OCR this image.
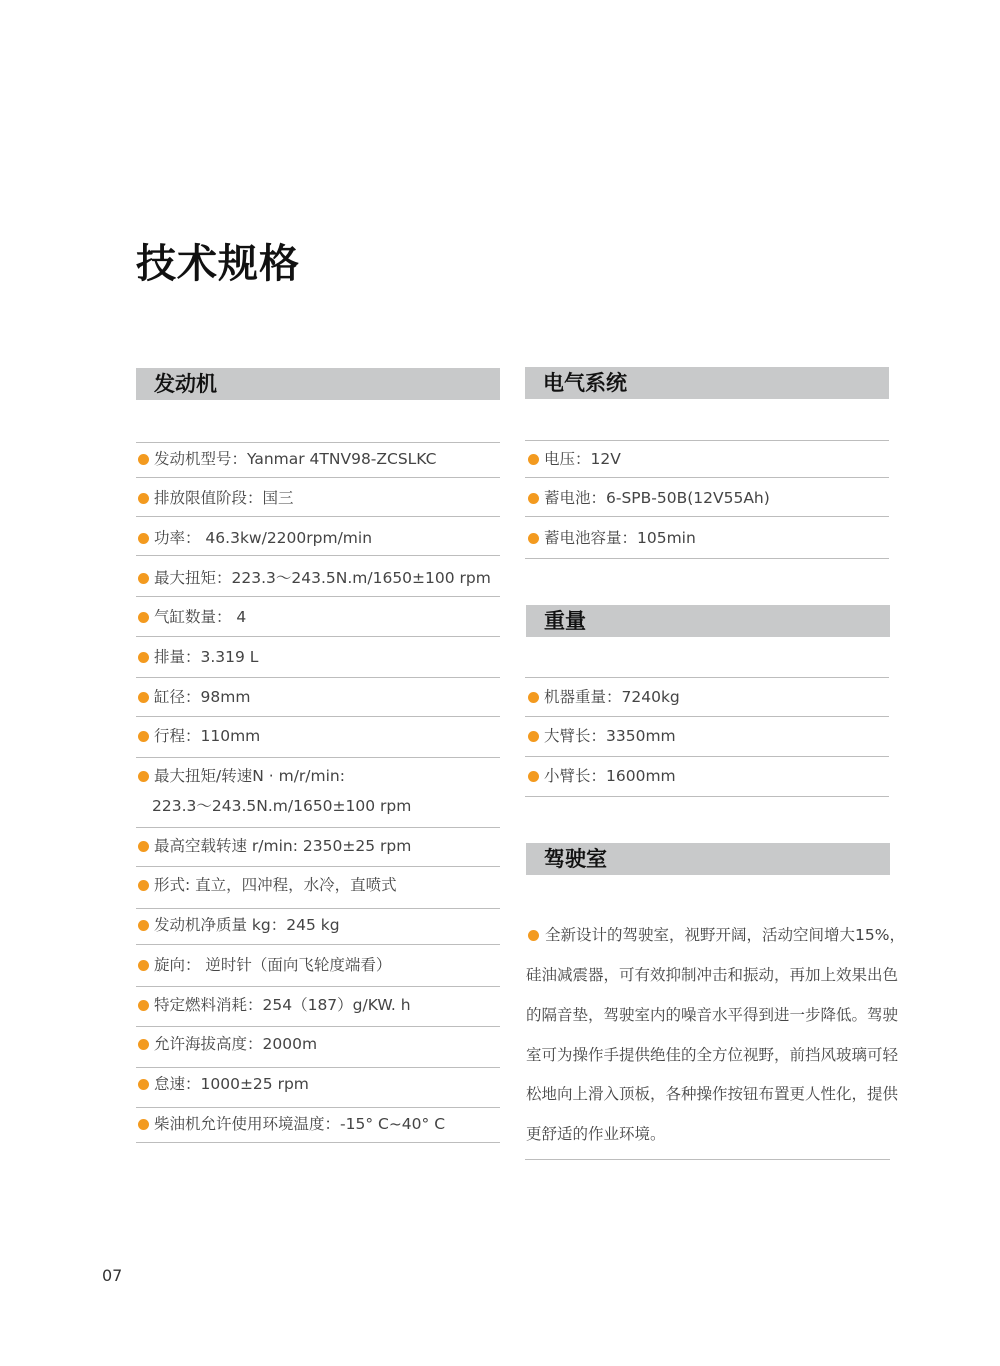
技术规格
发动机
发动机型号：Yanmar 4TNV98-ZCSLKC
排放限值阶段：国三
功率： 46.3kw/2200rpm/min
最大扭矩：223.3～243.5N.m/1650±100 rpm
气缸数量： 4
排量：3.319 L
缸径：98mm
行程：110mm
最大扭矩/转速N · m/r/min:
223.3～243.5N.m/1650±100 rpm
最高空载转速 r/min: 2350±25 rpm
形式: 直立，四冲程，水冷，直喷式
发动机净质量 kg：245 kg
旋向： 逆时针（面向飞轮度端看）
特定燃料消耗：254（187）g/KW. h
允许海拔高度：2000m
怠速：1000±25 rpm
柴油机允许使用环境温度：-15° C~40° C
电气系统
电压：12V
蓄电池：6-SPB-50B(12V55Ah)
蓄电池容量：105min
重量
机器重量：7240kg
大臂长：3350mm
小臂长：1600mm
驾驶室
全新设计的驾驶室，视野开阔，活动空间增大15%，
硅油减震器，可有效抑制冲击和振动，再加上效果出色
的隔音垫，驾驶室内的噪音水平得到进一步降低。驾驶
室可为操作手提供绝佳的全方位视野，前挡风玻璃可轻
松地向上滑入顶板，各种操作按钮布置更人性化，提供
更舒适的作业环境。
07
